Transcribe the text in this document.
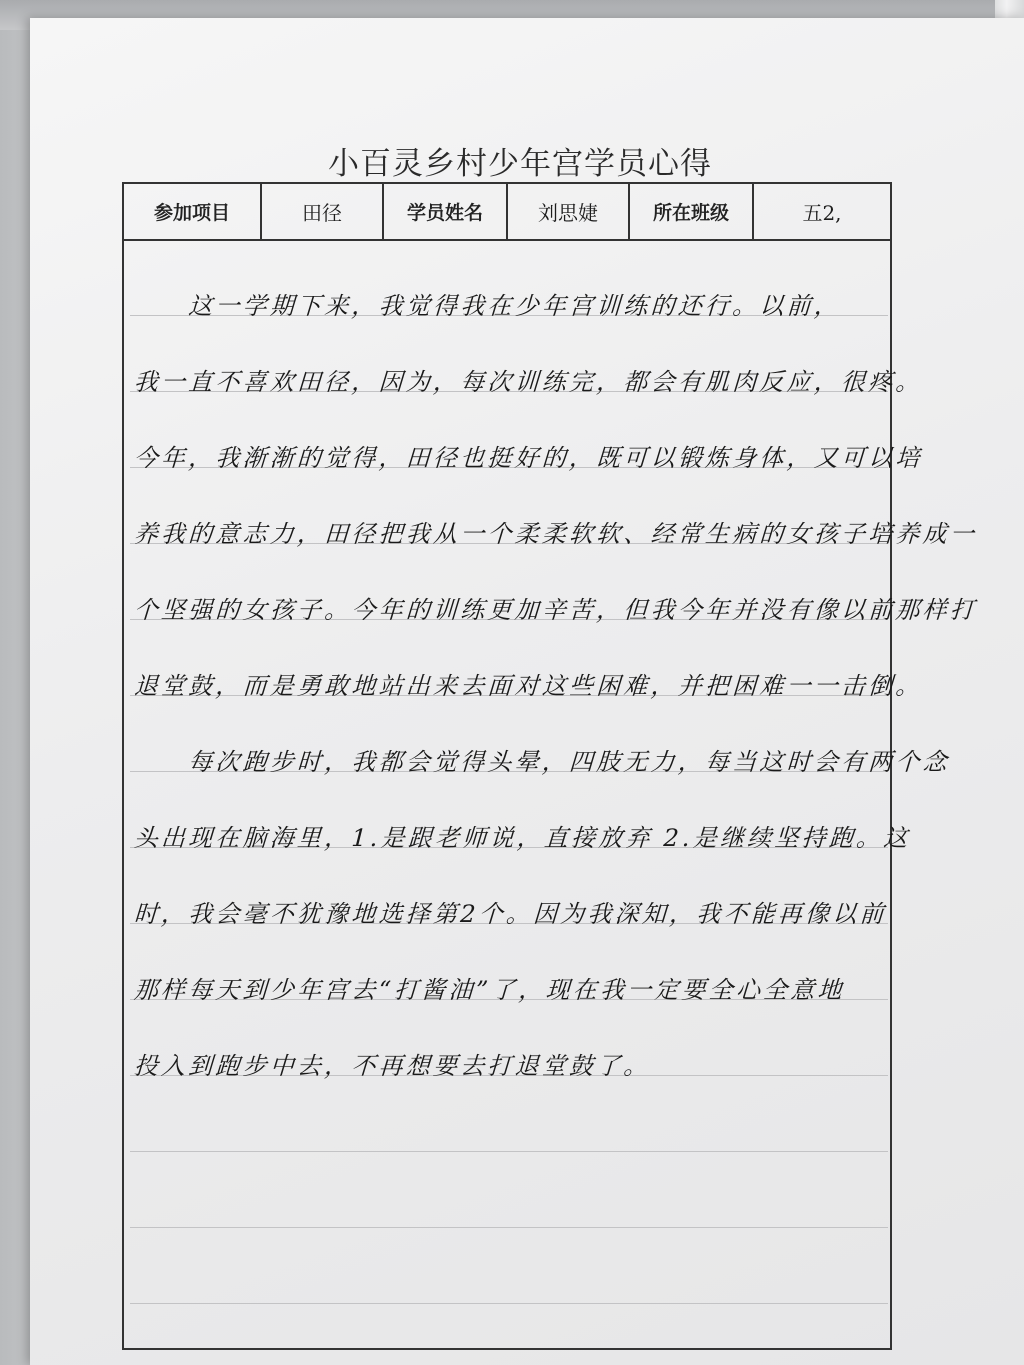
小百灵乡村少年宫学员心得
参加项目	田径	学员姓名	刘思婕	所在班级	五2,
　　这一学期下来，我觉得我在少年宫训练的还行。以前，
我一直不喜欢田径，因为，每次训练完，都会有肌肉反应，很疼。
今年，我渐渐的觉得，田径也挺好的，既可以锻炼身体，又可以培
养我的意志力，田径把我从一个柔柔软软、经常生病的女孩子培养成一
个坚强的女孩子。今年的训练更加辛苦，但我今年并没有像以前那样打
退堂鼓，而是勇敢地站出来去面对这些困难，并把困难一一击倒。
　　每次跑步时，我都会觉得头晕，四肢无力，每当这时会有两个念
头出现在脑海里，1.是跟老师说，直接放弃 2.是继续坚持跑。这
时，我会毫不犹豫地选择第2个。因为我深知，我不能再像以前
那样每天到少年宫去“打酱油”了，现在我一定要全心全意地
投入到跑步中去，不再想要去打退堂鼓了。
